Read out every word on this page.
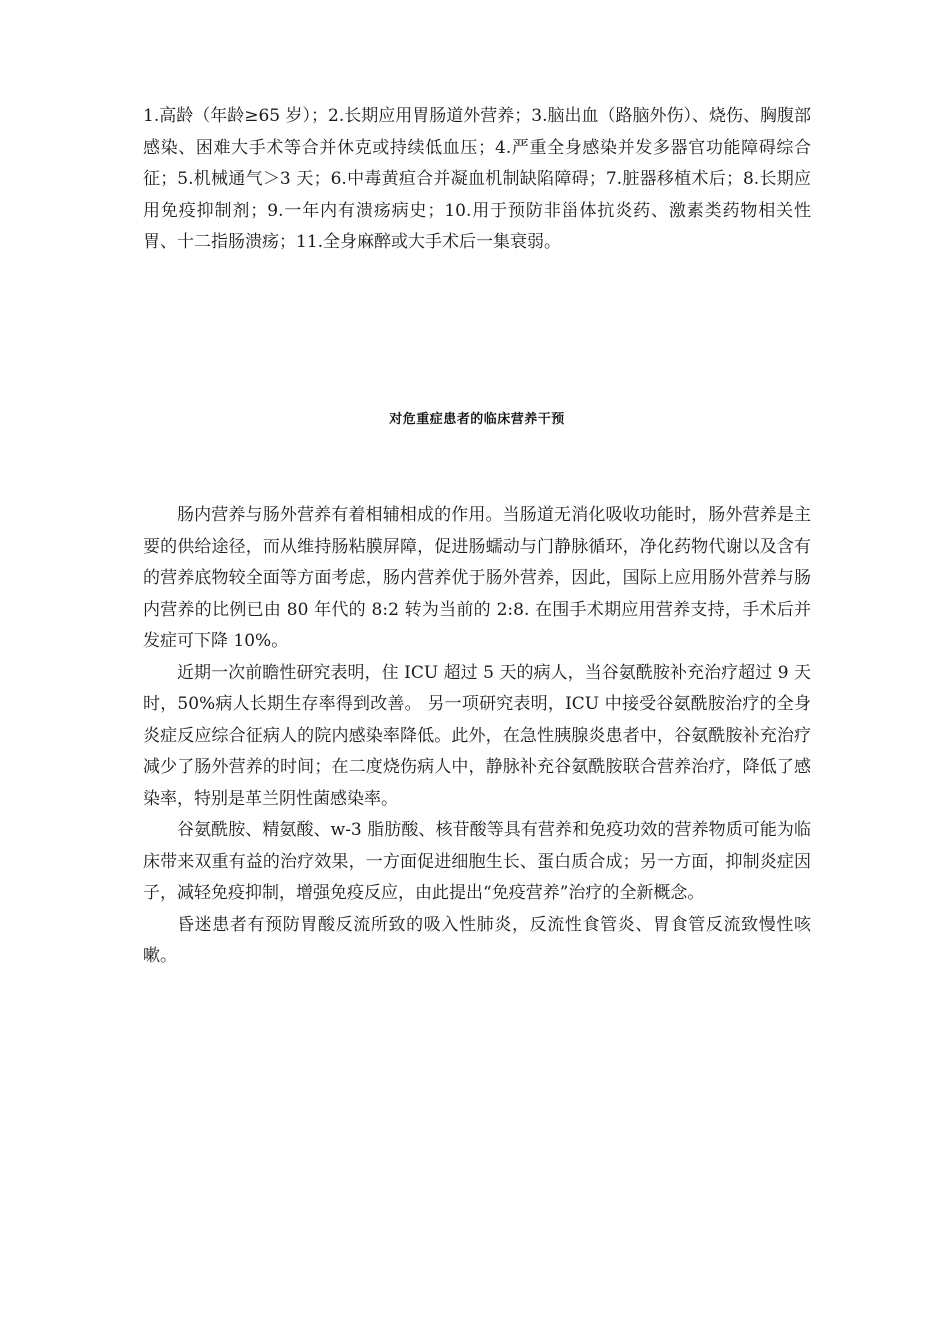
1.高龄（年龄≥65 岁）；2.长期应用胃肠道外营养；3.脑出血（路脑外伤）、烧伤、胸腹部感染、困难大手术等合并休克或持续低血压；4.严重全身感染并发多器官功能障碍综合征；5.机械通气＞3 天；6.中毒黄疸合并凝血机制缺陷障碍；7.脏器移植术后；8.长期应用免疫抑制剂；9.一年内有溃疡病史；10.用于预防非甾体抗炎药、激素类药物相关性胃、十二指肠溃疡；11.全身麻醉或大手术后一集衰弱。
对危重症患者的临床营养干预

肠内营养与肠外营养有着相辅相成的作用。当肠道无消化吸收功能时，肠外营养是主要的供给途径，而从维持肠粘膜屏障，促进肠蠕动与门静脉循环，净化药物代谢以及含有的营养底物较全面等方面考虑，肠内营养优于肠外营养，因此，国际上应用肠外营养与肠内营养的比例已由 80 年代的 8:2 转为当前的 2:8. 在围手术期应用营养支持，手术后并发症可下降 10%。

近期一次前瞻性研究表明，住 ICU 超过 5 天的病人，当谷氨酰胺补充治疗超过 9 天时，50%病人长期生存率得到改善。 另一项研究表明，ICU 中接受谷氨酰胺治疗的全身炎症反应综合征病人的院内感染率降低。此外，在急性胰腺炎患者中，谷氨酰胺补充治疗减少了肠外营养的时间；在二度烧伤病人中，静脉补充谷氨酰胺联合营养治疗，降低了感染率，特别是革兰阴性菌感染率。

谷氨酰胺、精氨酸、w-3 脂肪酸、核苷酸等具有营养和免疫功效的营养物质可能为临床带来双重有益的治疗效果，一方面促进细胞生长、蛋白质合成；另一方面，抑制炎症因子，减轻免疫抑制，增强免疫反应，由此提出“免疫营养”治疗的全新概念。

昏迷患者有预防胃酸反流所致的吸入性肺炎，反流性食管炎、胃食管反流致慢性咳嗽。
